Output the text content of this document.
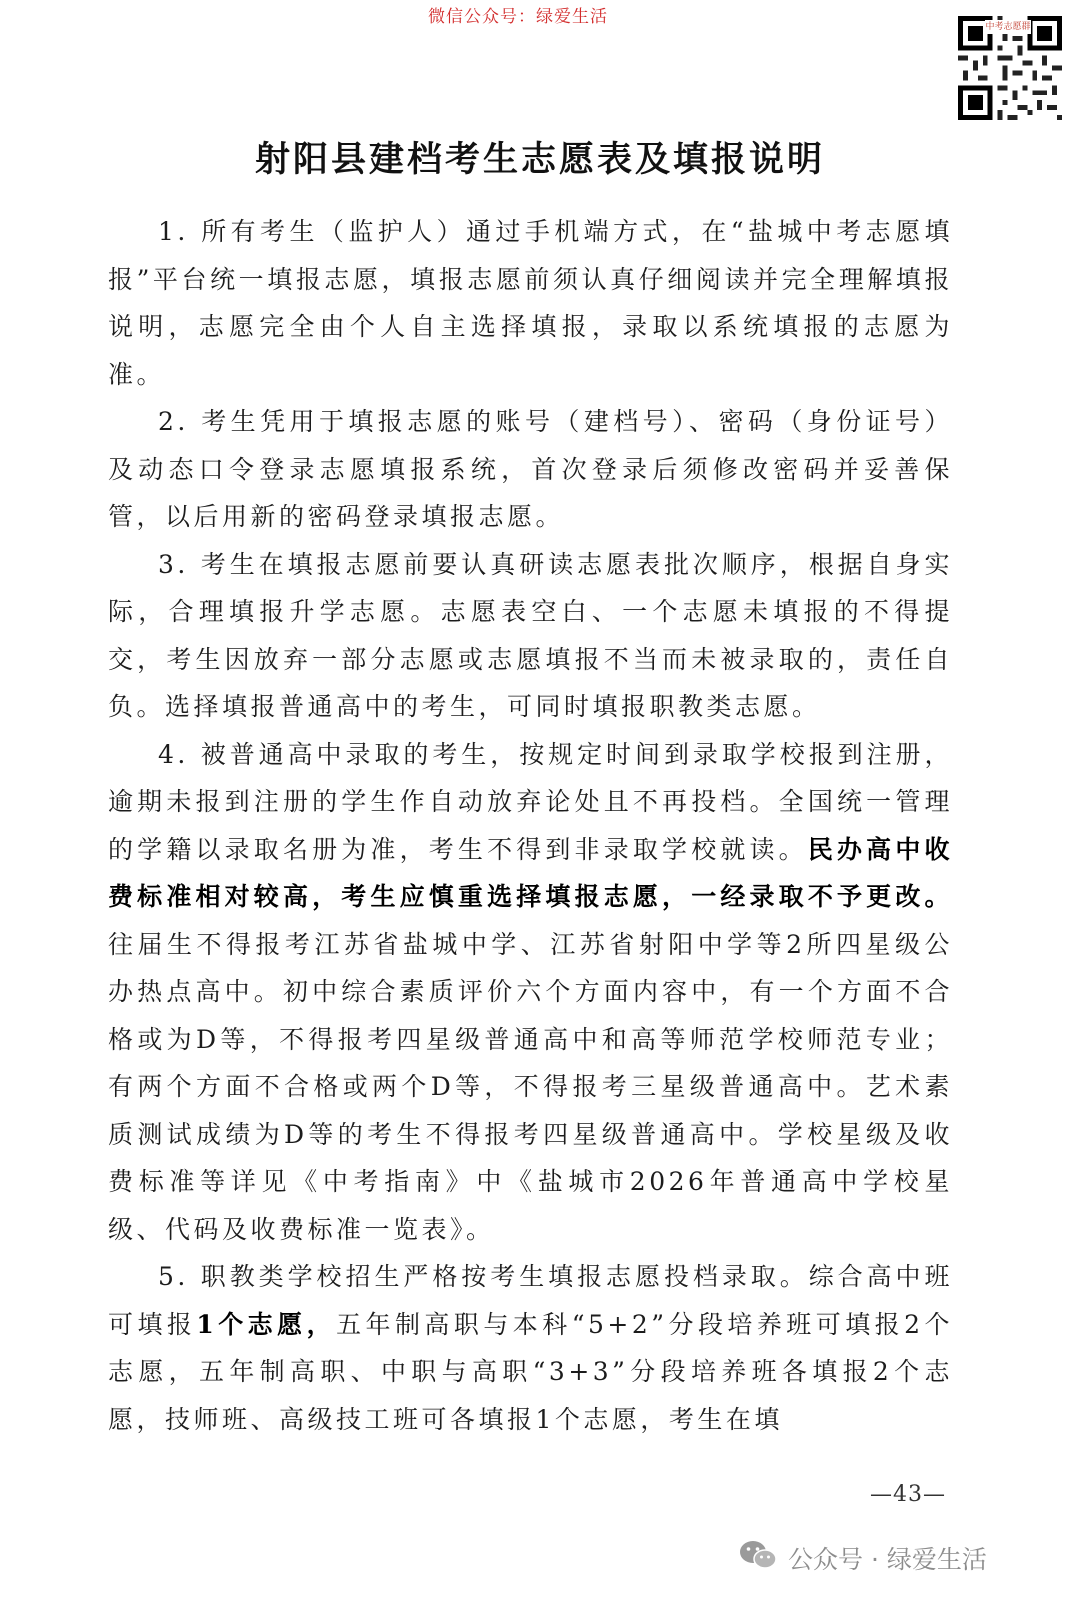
微信公众号：绿爱生活	中考志愿群
射阳县建档考生志愿表及填报说明

1. 所有考生（监护人）通过手机端方式，在“盐城中考志愿填报”平台统一填报志愿，填报志愿前须认真仔细阅读并完全理解填报说明，志愿完全由个人自主选择填报，录取以系统填报的志愿为准。

2. 考生凭用于填报志愿的账号（建档号）、密码（身份证号）及动态口令登录志愿填报系统，首次登录后须修改密码并妥善保管，以后用新的密码登录填报志愿。

3. 考生在填报志愿前要认真研读志愿表批次顺序，根据自身实际，合理填报升学志愿。志愿表空白、一个志愿未填报的不得提交，考生因放弃一部分志愿或志愿填报不当而未被录取的，责任自负。选择填报普通高中的考生，可同时填报职教类志愿。

4. 被普通高中录取的考生，按规定时间到录取学校报到注册，逾期未报到注册的学生作自动放弃论处且不再投档。全国统一管理的学籍以录取名册为准，考生不得到非录取学校就读。民办高中收费标准相对较高，考生应慎重选择填报志愿，一经录取不予更改。往届生不得报考江苏省盐城中学、江苏省射阳中学等2所四星级公办热点高中。初中综合素质评价六个方面内容中，有一个方面不合格或为D等，不得报考四星级普通高中和高等师范学校师范专业；有两个方面不合格或两个D等，不得报考三星级普通高中。艺术素质测试成绩为D等的考生不得报考四星级普通高中。学校星级及收费标准等详见《中考指南》中《盐城市2026年普通高中学校星级、代码及收费标准一览表》。

5. 职教类学校招生严格按考生填报志愿投档录取。综合高中班可填报1个志愿，五年制高职与本科“5+2”分段培养班可填报2个志愿，五年制高职、中职与高职“3+3”分段培养班各填报2个志愿，技师班、高级技工班可各填报1个志愿，考生在填

—43—
公众号 · 绿爱生活
